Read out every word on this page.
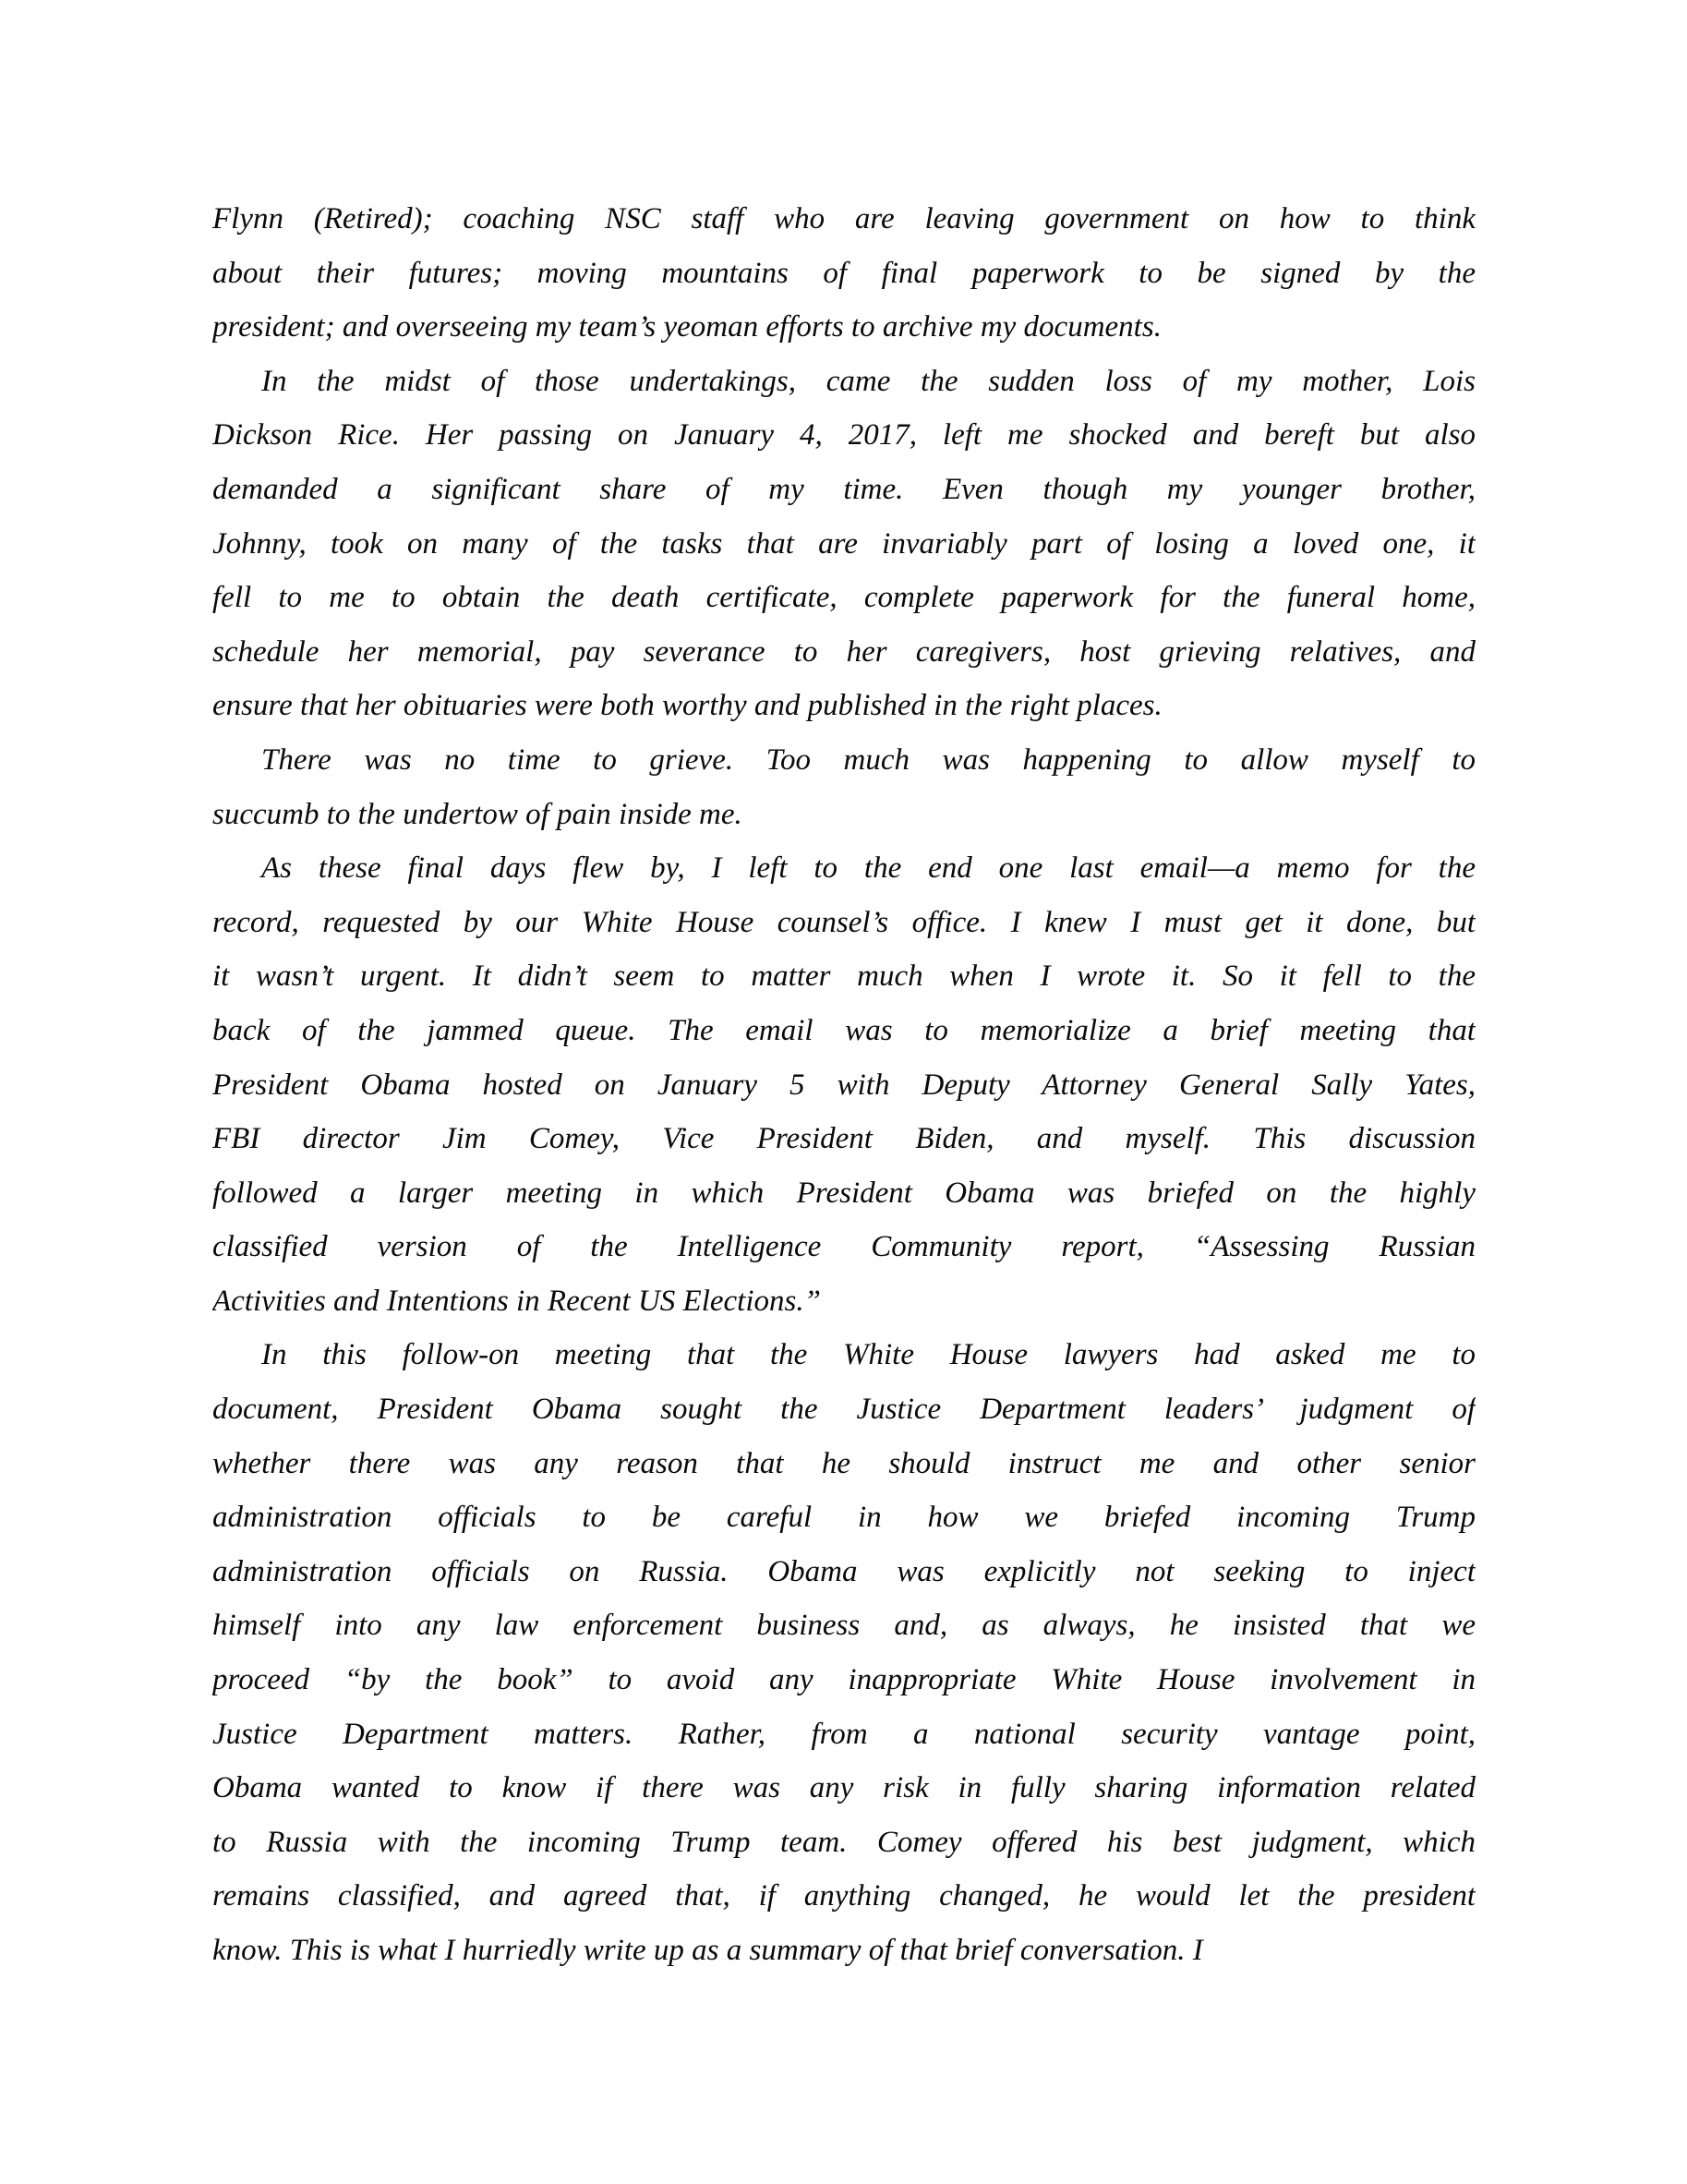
Flynn (Retired); coaching NSC staff who are leaving government on how to think
about their futures; moving mountains of final paperwork to be signed by the
president; and overseeing my team’s yeoman efforts to archive my documents.
In the midst of those undertakings, came the sudden loss of my mother, Lois
Dickson Rice. Her passing on January 4, 2017, left me shocked and bereft but also
demanded a significant share of my time. Even though my younger brother,
Johnny, took on many of the tasks that are invariably part of losing a loved one, it
fell to me to obtain the death certificate, complete paperwork for the funeral home,
schedule her memorial, pay severance to her caregivers, host grieving relatives, and
ensure that her obituaries were both worthy and published in the right places.
There was no time to grieve. Too much was happening to allow myself to
succumb to the undertow of pain inside me.
As these final days flew by, I left to the end one last email—a memo for the
record, requested by our White House counsel’s office. I knew I must get it done, but
it wasn’t urgent. It didn’t seem to matter much when I wrote it. So it fell to the
back of the jammed queue. The email was to memorialize a brief meeting that
President Obama hosted on January 5 with Deputy Attorney General Sally Yates,
FBI director Jim Comey, Vice President Biden, and myself. This discussion
followed a larger meeting in which President Obama was briefed on the highly
classified version of the Intelligence Community report, “Assessing Russian
Activities and Intentions in Recent US Elections.”
In this follow-on meeting that the White House lawyers had asked me to
document, President Obama sought the Justice Department leaders’ judgment of
whether there was any reason that he should instruct me and other senior
administration officials to be careful in how we briefed incoming Trump
administration officials on Russia. Obama was explicitly not seeking to inject
himself into any law enforcement business and, as always, he insisted that we
proceed “by the book” to avoid any inappropriate White House involvement in
Justice Department matters. Rather, from a national security vantage point,
Obama wanted to know if there was any risk in fully sharing information related
to Russia with the incoming Trump team. Comey offered his best judgment, which
remains classified, and agreed that, if anything changed, he would let the president
know. This is what I hurriedly write up as a summary of that brief conversation. I
